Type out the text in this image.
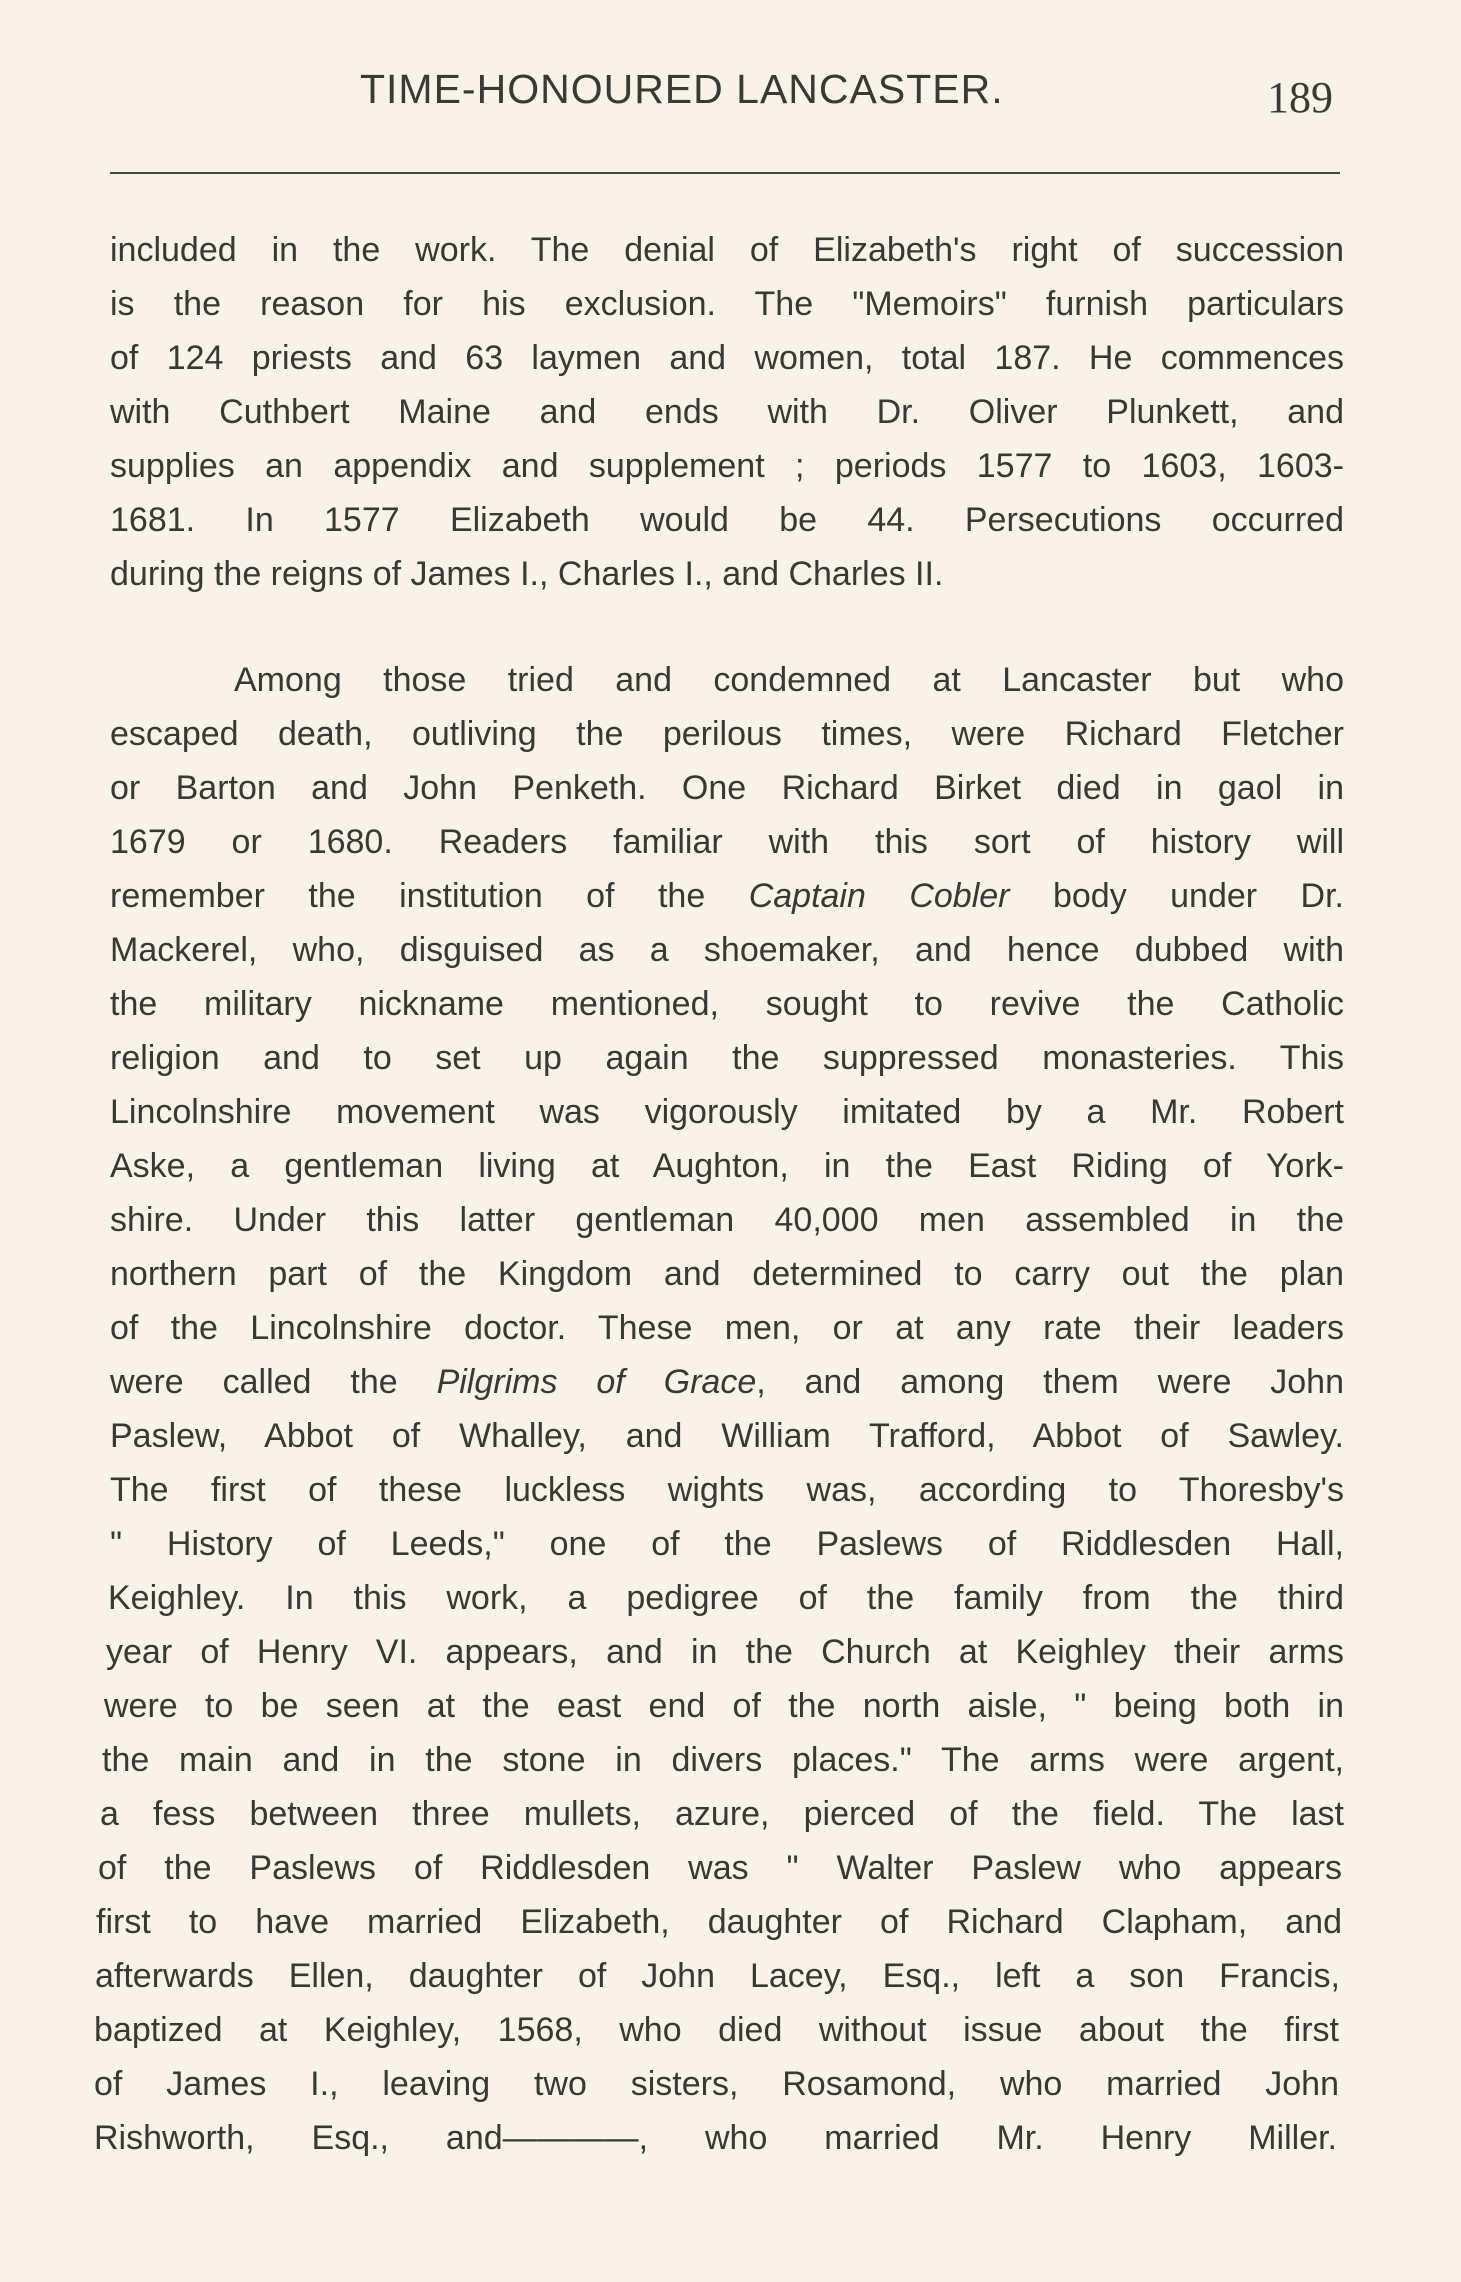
TIME-HONOURED LANCASTER.	189
included in the work. The denial of Elizabeth's right of succession
is the reason for his exclusion. The "Memoirs" furnish particulars
of 124 priests and 63 laymen and women, total 187. He commences
with Cuthbert Maine and ends with Dr. Oliver Plunkett, and
supplies an appendix and supplement ; periods 1577 to 1603, 1603-
1681. In 1577 Elizabeth would be 44. Persecutions occurred
during the reigns of James I., Charles I., and Charles II.
Among those tried and condemned at Lancaster but who
escaped death, outliving the perilous times, were Richard Fletcher
or Barton and John Penketh. One Richard Birket died in gaol in
1679 or 1680. Readers familiar with this sort of history will
remember the institution of the Captain Cobler body under Dr.
Mackerel, who, disguised as a shoemaker, and hence dubbed with
the military nickname mentioned, sought to revive the Catholic
religion and to set up again the suppressed monasteries. This
Lincolnshire movement was vigorously imitated by a Mr. Robert
Aske, a gentleman living at Aughton, in the East Riding of York-
shire. Under this latter gentleman 40,000 men assembled in the
northern part of the Kingdom and determined to carry out the plan
of the Lincolnshire doctor. These men, or at any rate their leaders
were called the Pilgrims of Grace, and among them were John
Paslew, Abbot of Whalley, and William Trafford, Abbot of Sawley.
The first of these luckless wights was, according to Thoresby's
" History of Leeds," one of the Paslews of Riddlesden Hall,
Keighley. In this work, a pedigree of the family from the third
year of Henry VI. appears, and in the Church at Keighley their arms
were to be seen at the east end of the north aisle, " being both in
the main and in the stone in divers places." The arms were argent,
a fess between three mullets, azure, pierced of the field. The last
of the Paslews of Riddlesden was " Walter Paslew who appears
first to have married Elizabeth, daughter of Richard Clapham, and
afterwards Ellen, daughter of John Lacey, Esq., left a son Francis,
baptized at Keighley, 1568, who died without issue about the first
of James I., leaving two sisters, Rosamond, who married John
Rishworth, Esq., and————, who married Mr. Henry Miller.
